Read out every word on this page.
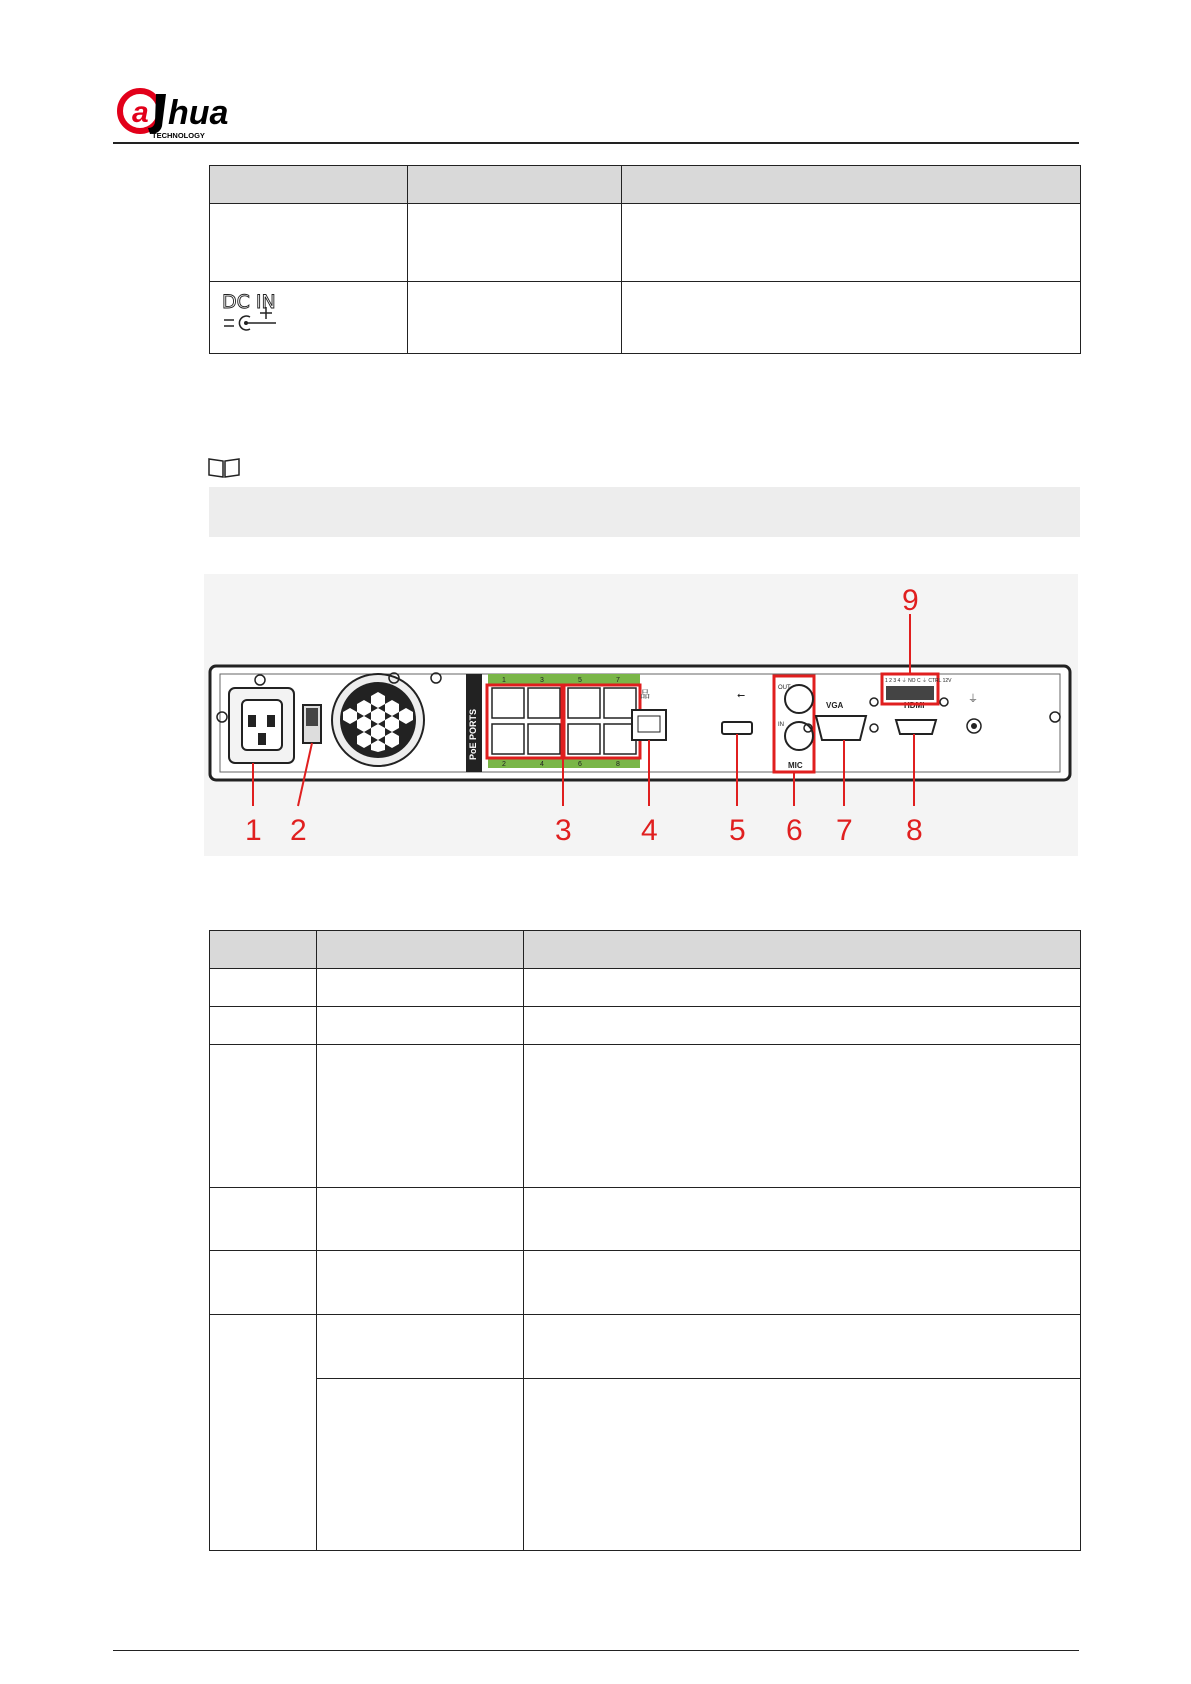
a hua
TECHNOLOGY

DC IN		

PoE PORTS
1	3	5	7
2	4	6	8
品	⭠
OUT
IN
MIC
VGA	HDMI
1 2 3 4 ⏚ NO C ⏚ CTRL 12V
⏚
1 2	3 4 5 6 7 8
9
